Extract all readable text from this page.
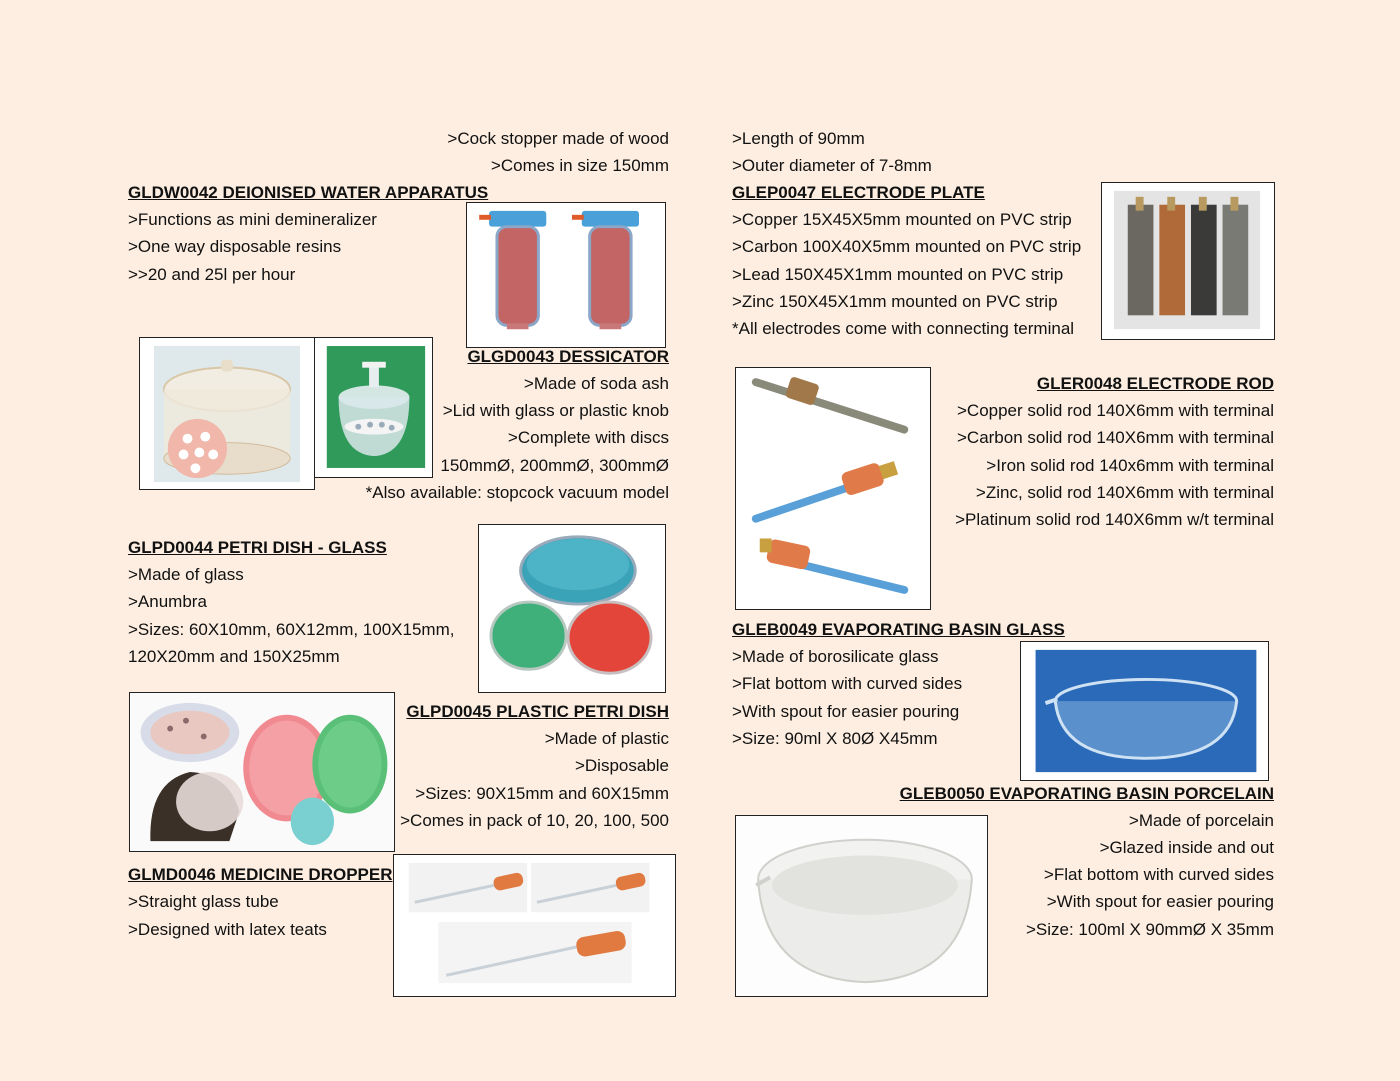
>Cock stopper made of wood
>Comes in size 150mm
GLDW0042 DEIONISED WATER APPARATUS
>Functions as mini demineralizer
>One way disposable resins
>>20 and 25l per hour
GLGD0043 DESSICATOR
>Made of soda ash
>Lid with glass or plastic knob
>Complete with discs
150mmØ, 200mmØ, 300mmØ
*Also available: stopcock vacuum model
GLPD0044 PETRI DISH - GLASS
>Made of glass
>Anumbra
>Sizes: 60X10mm, 60X12mm, 100X15mm,
120X20mm and 150X25mm
GLPD0045 PLASTIC PETRI DISH
>Made of plastic
>Disposable
>Sizes: 90X15mm and 60X15mm
>Comes in pack of 10, 20, 100, 500
GLMD0046 MEDICINE DROPPER
>Straight glass tube
>Designed with latex teats
>Length of 90mm
>Outer diameter of 7-8mm
GLEP0047 ELECTRODE PLATE
>Copper 15X45X5mm mounted on PVC strip
>Carbon 100X40X5mm mounted on PVC strip
>Lead 150X45X1mm mounted on PVC strip
>Zinc 150X45X1mm mounted on PVC strip
*All electrodes come with connecting terminal
GLER0048 ELECTRODE ROD
>Copper solid rod 140X6mm with terminal
>Carbon solid rod 140X6mm with terminal
>Iron solid rod 140x6mm with terminal
>Zinc, solid rod 140X6mm with terminal
>Platinum solid rod 140X6mm w/t terminal
GLEB0049 EVAPORATING BASIN GLASS
>Made of borosilicate glass
>Flat bottom with curved sides
>With spout for easier pouring
>Size: 90ml X 80Ø X45mm
GLEB0050 EVAPORATING BASIN PORCELAIN
>Made of porcelain
>Glazed inside and out
>Flat bottom with curved sides
>With spout for easier pouring
>Size: 100ml X 90mmØ X 35mm
